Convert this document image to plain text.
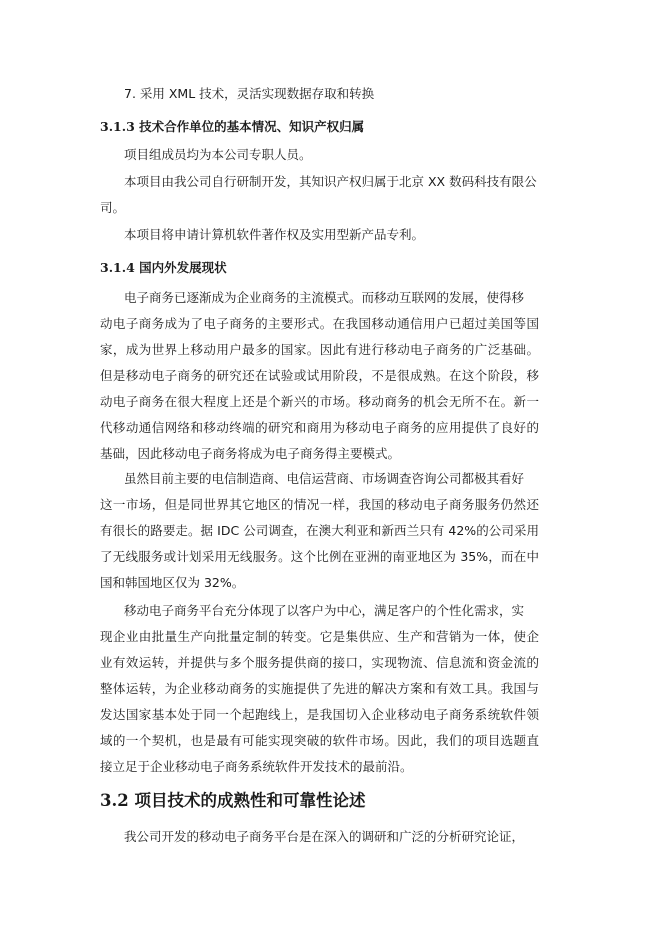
7. 采用 XML 技术，灵活实现数据存取和转换
3.1.3 技术合作单位的基本情况、知识产权归属
项目组成员均为本公司专职人员。
本项目由我公司自行研制开发，其知识产权归属于北京 XX 数码科技有限公
司。
本项目将申请计算机软件著作权及实用型新产品专利。
3.1.4 国内外发展现状
电子商务已逐渐成为企业商务的主流模式。而移动互联网的发展，使得移
动电子商务成为了电子商务的主要形式。在我国移动通信用户已超过美国等国
家，成为世界上移动用户最多的国家。因此有进行移动电子商务的广泛基础。
但是移动电子商务的研究还在试验或试用阶段，不是很成熟。在这个阶段，移
动电子商务在很大程度上还是个新兴的市场。移动商务的机会无所不在。新一
代移动通信网络和移动终端的研究和商用为移动电子商务的应用提供了良好的
基础，因此移动电子商务将成为电子商务得主要模式。
虽然目前主要的电信制造商、电信运营商、市场调查咨询公司都极其看好
这一市场，但是同世界其它地区的情况一样，我国的移动电子商务服务仍然还
有很长的路要走。据 IDC 公司调查，在澳大利亚和新西兰只有 42%的公司采用
了无线服务或计划采用无线服务。这个比例在亚洲的南亚地区为 35%，而在中
国和韩国地区仅为 32%。
移动电子商务平台充分体现了以客户为中心，满足客户的个性化需求，实
现企业由批量生产向批量定制的转变。它是集供应、生产和营销为一体，使企
业有效运转，并提供与多个服务提供商的接口，实现物流、信息流和资金流的
整体运转，为企业移动商务的实施提供了先进的解决方案和有效工具。我国与
发达国家基本处于同一个起跑线上，是我国切入企业移动电子商务系统软件领
域的一个契机，也是最有可能实现突破的软件市场。因此，我们的项目选题直
接立足于企业移动电子商务系统软件开发技术的最前沿。
3.2 项目技术的成熟性和可靠性论述
我公司开发的移动电子商务平台是在深入的调研和广泛的分析研究论证，
